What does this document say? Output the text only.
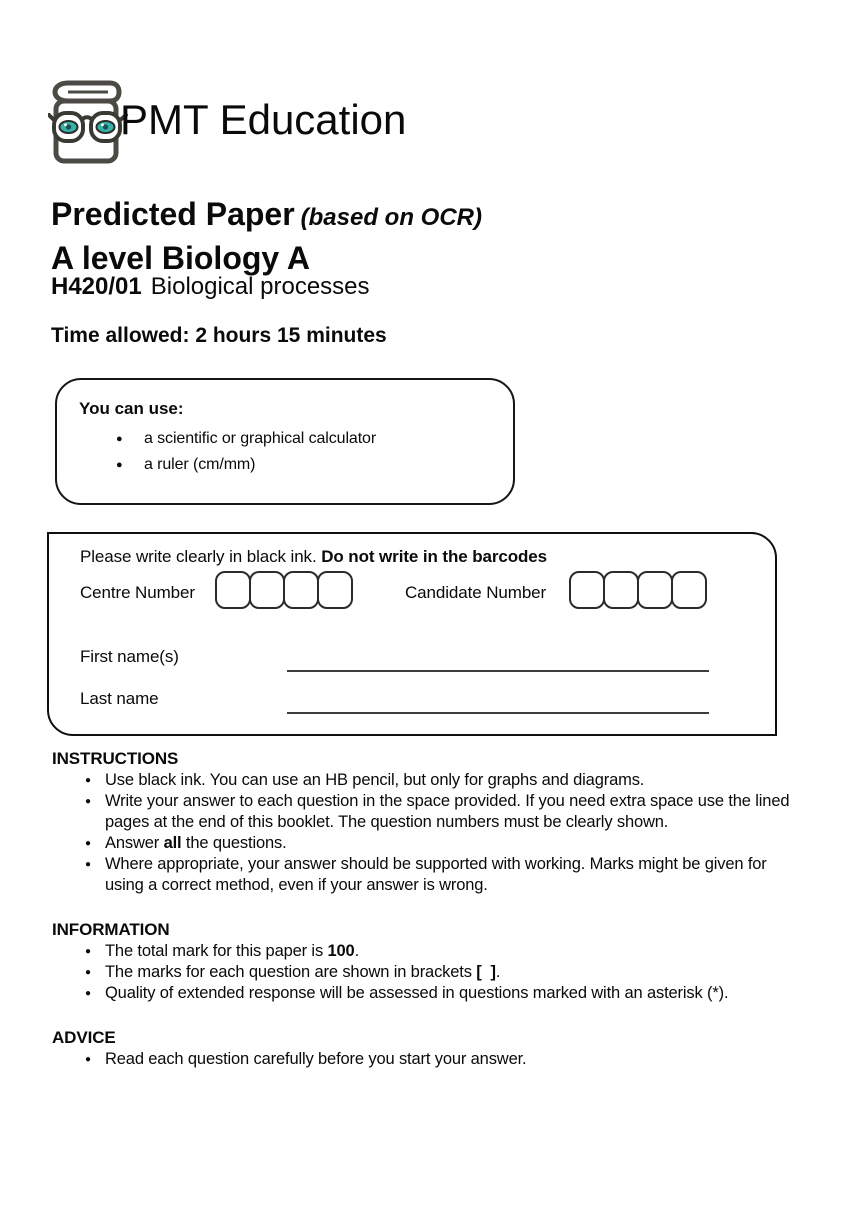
PMT Education
Predicted Paper (based on OCR)
A level Biology A
H420/01 Biological processes
Time allowed: 2 hours 15 minutes
You can use:
● a scientific or graphical calculator
● a ruler (cm/mm)
Please write clearly in black ink. Do not write in the barcodes
Centre Number	Candidate Number
First name(s)
Last name
INSTRUCTIONS
● Use black ink. You can use an HB pencil, but only for graphs and diagrams.
● Write your answer to each question in the space provided. If you need extra space use the lined pages at the end of this booklet. The question numbers must be clearly shown.
● Answer all the questions.
● Where appropriate, your answer should be supported with working. Marks might be given for using a correct method, even if your answer is wrong.
INFORMATION
● The total mark for this paper is 100.
● The marks for each question are shown in brackets [  ].
● Quality of extended response will be assessed in questions marked with an asterisk (*).
ADVICE
● Read each question carefully before you start your answer.
